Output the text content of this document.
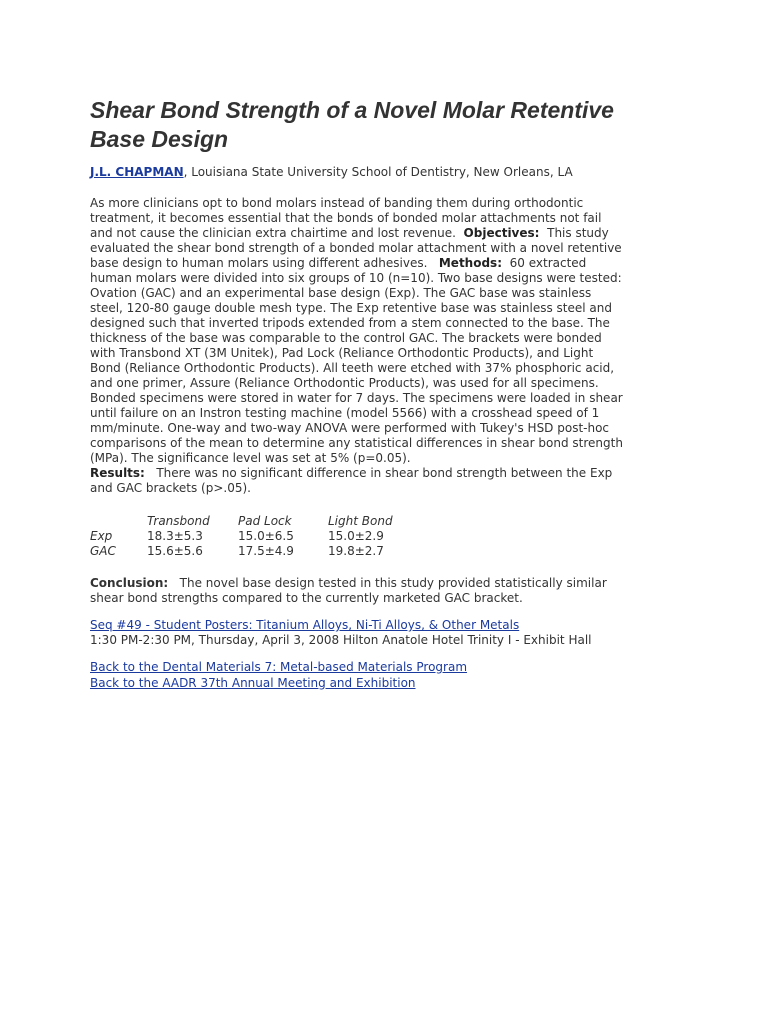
Shear Bond Strength of a Novel Molar Retentive Base Design
J.L. CHAPMAN, Louisiana State University School of Dentistry, New Orleans, LA

As more clinicians opt to bond molars instead of banding them during orthodontic treatment, it becomes essential that the bonds of bonded molar attachments not fail and not cause the clinician extra chairtime and lost revenue. Objectives: This study evaluated the shear bond strength of a bonded molar attachment with a novel retentive base design to human molars using different adhesives. Methods: 60 extracted human molars were divided into six groups of 10 (n=10). Two base designs were tested: Ovation (GAC) and an experimental base design (Exp). The GAC base was stainless steel, 120-80 gauge double mesh type. The Exp retentive base was stainless steel and designed such that inverted tripods extended from a stem connected to the base. The thickness of the base was comparable to the control GAC. The brackets were bonded with Transbond XT (3M Unitek), Pad Lock (Reliance Orthodontic Products), and Light Bond (Reliance Orthodontic Products). All teeth were etched with 37% phosphoric acid, and one primer, Assure (Reliance Orthodontic Products), was used for all specimens. Bonded specimens were stored in water for 7 days. The specimens were loaded in shear until failure on an Instron testing machine (model 5566) with a crosshead speed of 1 mm/minute. One-way and two-way ANOVA were performed with Tukey's HSD post-hoc comparisons of the mean to determine any statistical differences in shear bond strength (MPa). The significance level was set at 5% (p=0.05).
Results: There was no significant difference in shear bond strength between the Exp and GAC brackets (p>.05).

	Transbond	Pad Lock	Light Bond
Exp	18.3±5.3	15.0±6.5	15.0±2.9
GAC	15.6±5.6	17.5±4.9	19.8±2.7

Conclusion: The novel base design tested in this study provided statistically similar shear bond strengths compared to the currently marketed GAC bracket.

Seq #49 - Student Posters: Titanium Alloys, Ni-Ti Alloys, & Other Metals
1:30 PM-2:30 PM, Thursday, April 3, 2008 Hilton Anatole Hotel Trinity I - Exhibit Hall
Back to the Dental Materials 7: Metal-based Materials Program
Back to the AADR 37th Annual Meeting and Exhibition
